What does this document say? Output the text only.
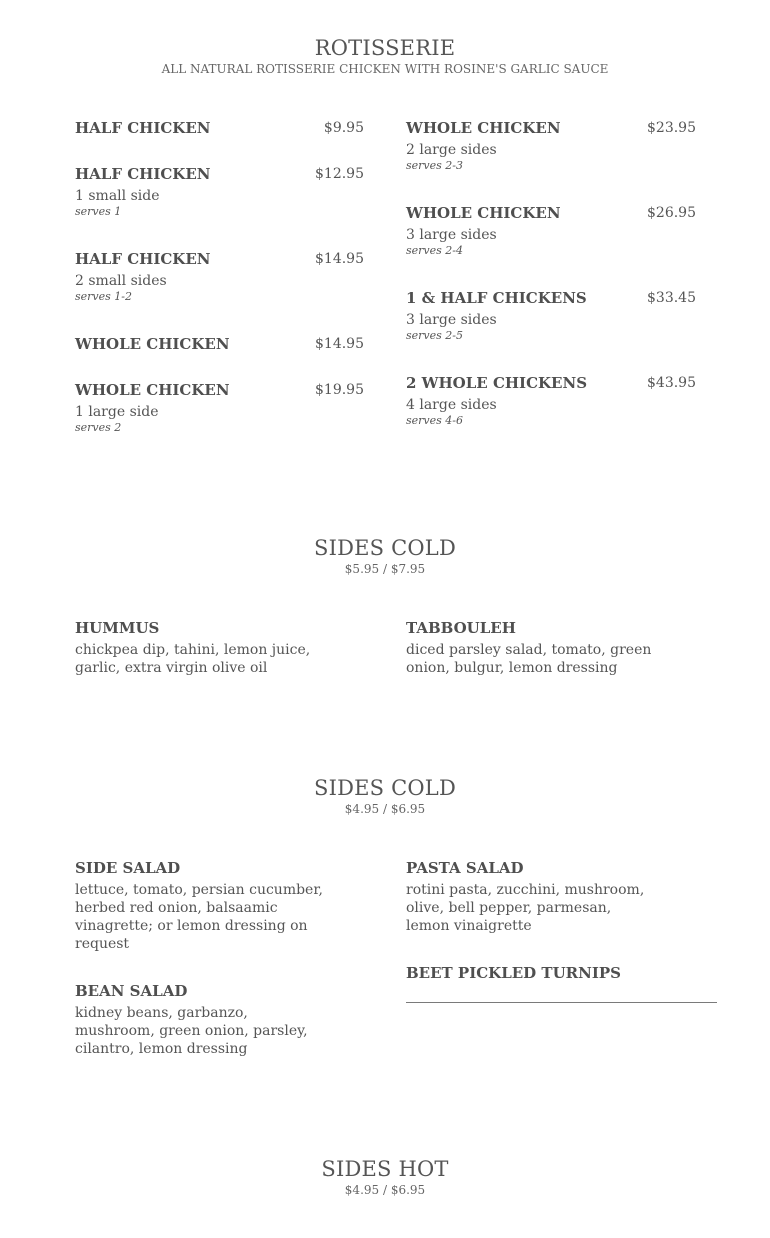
ROTISSERIE
ALL NATURAL ROTISSERIE CHICKEN WITH ROSINE'S GARLIC SAUCE
HALF CHICKEN	$9.95
HALF CHICKEN	$12.95
1 small side
serves 1
HALF CHICKEN	$14.95
2 small sides
serves 1-2
WHOLE CHICKEN	$14.95
WHOLE CHICKEN	$19.95
1 large side
serves 2
WHOLE CHICKEN	$23.95
2 large sides
serves 2-3
WHOLE CHICKEN	$26.95
3 large sides
serves 2-4
1 & HALF CHICKENS	$33.45
3 large sides
serves 2-5
2 WHOLE CHICKENS	$43.95
4 large sides
serves 4-6
SIDES COLD
$5.95 / $7.95
HUMMUS
chickpea dip, tahini, lemon juice, garlic, extra virgin olive oil
TABBOULEH
diced parsley salad, tomato, green onion, bulgur, lemon dressing
SIDES COLD
$4.95 / $6.95
SIDE SALAD
lettuce, tomato, persian cucumber, herbed red onion, balsaamic vinagrette; or lemon dressing on request
PASTA SALAD
rotini pasta, zucchini, mushroom, olive, bell pepper, parmesan, lemon vinaigrette
BEAN SALAD
kidney beans, garbanzo, mushroom, green onion, parsley, cilantro, lemon dressing
BEET PICKLED TURNIPS
SIDES HOT
$4.95 / $6.95
